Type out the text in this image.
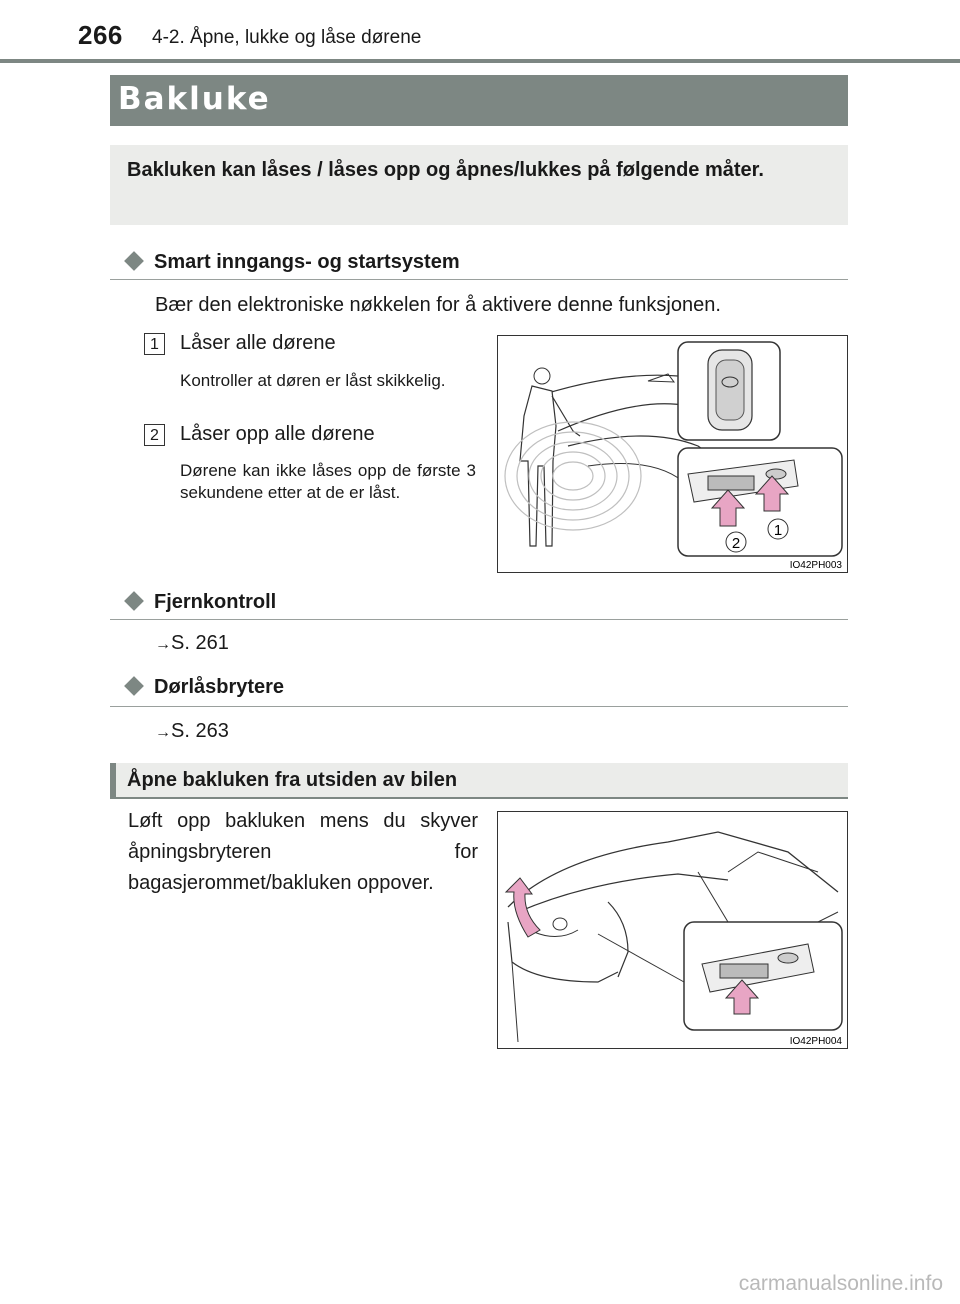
266 4-2. Åpne, lukke og låse dørene
Bakluke
Bakluken kan låses / låses opp og åpnes/lukkes på følgende måter.
Smart inngangs- og startsystem
Bær den elektroniske nøkkelen for å aktivere denne funksjonen.
1	Låser alle dørene
Kontroller at døren er låst skikkelig.
2	Låser opp alle dørene
Dørene kan ikke låses opp de første 3 sekundene etter at de er låst.
1
2
IO42PH003
Fjernkontroll
→S. 261
Dørlåsbrytere
→S. 263
Åpne bakluken fra utsiden av bilen
Løft opp bakluken mens du skyver åpningsbryteren for bagasjerommet/bakluken oppover.
IO42PH004
carmanualsonline.info
